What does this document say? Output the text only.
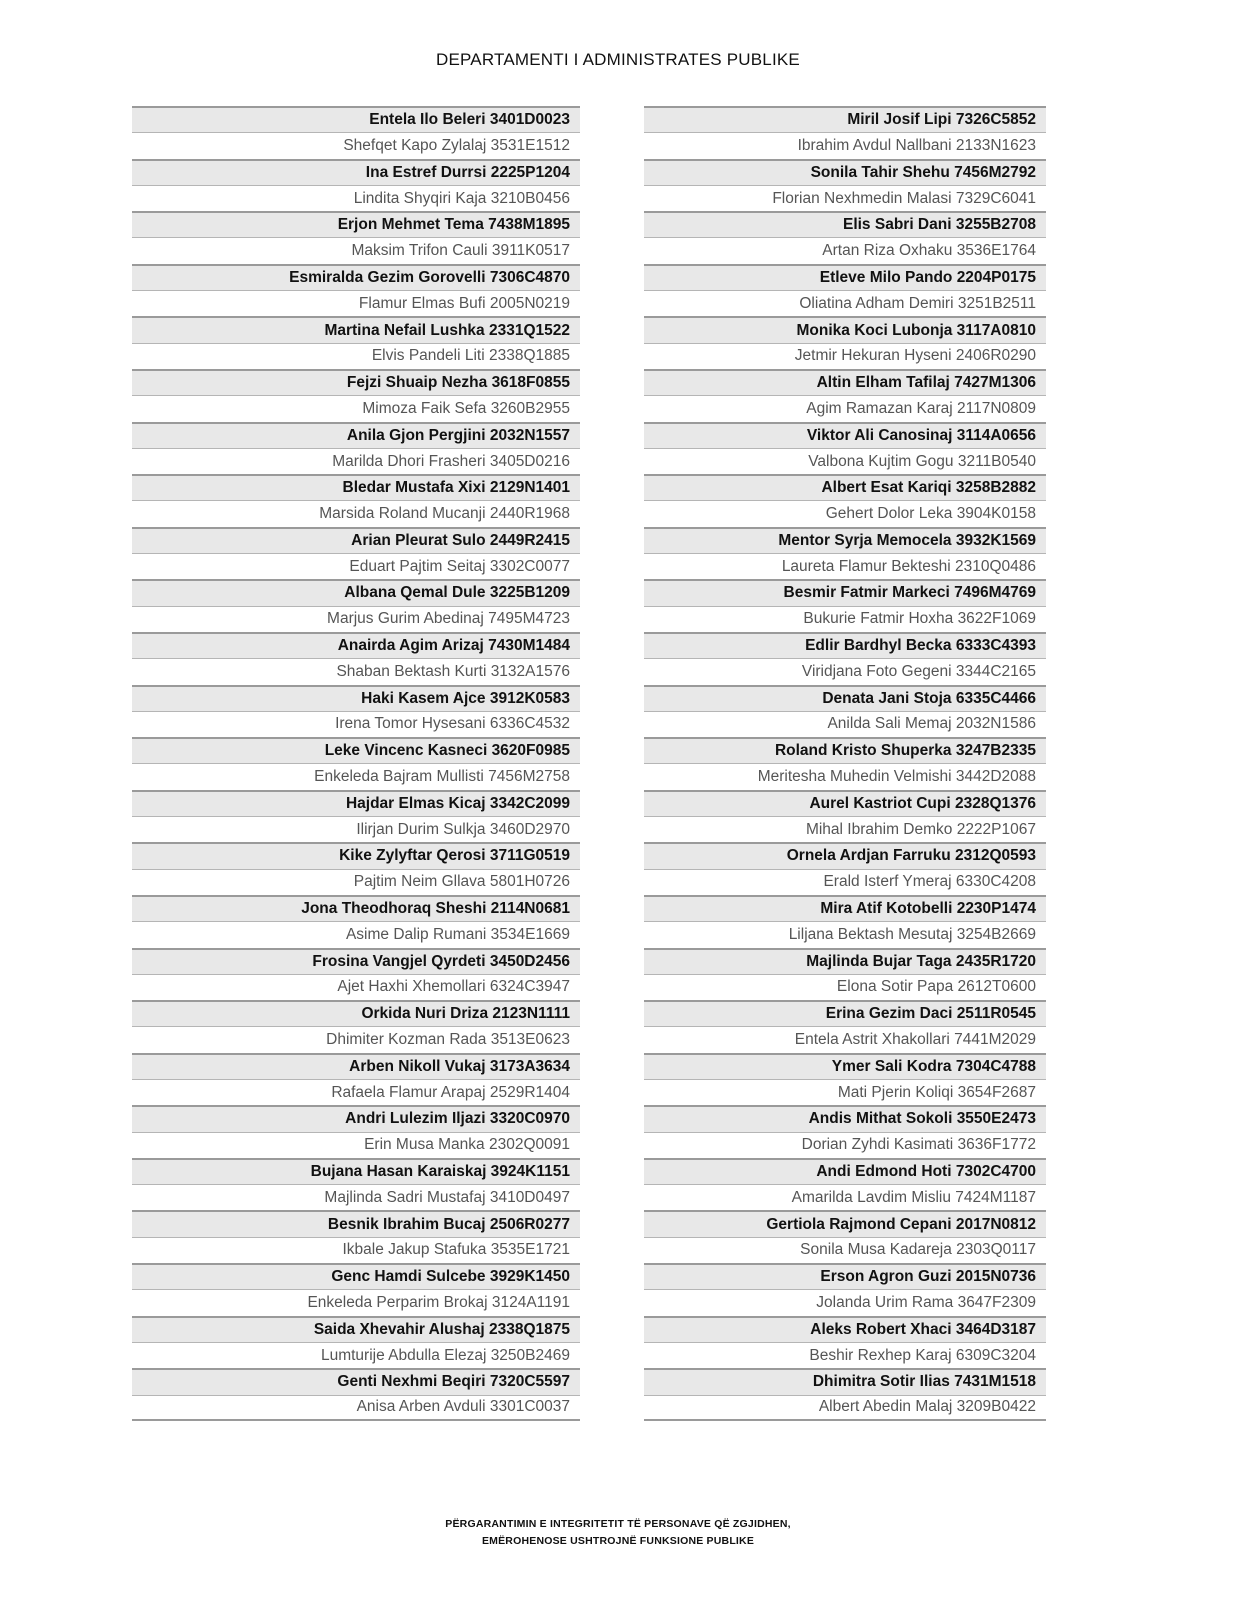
DEPARTAMENTI I ADMINISTRATES PUBLIKE
Entela Ilo Beleri 3401D0023
Shefqet Kapo Zylalaj 3531E1512
Ina Estref Durrsi 2225P1204
Lindita Shyqiri Kaja 3210B0456
Erjon Mehmet Tema 7438M1895
Maksim Trifon Cauli 3911K0517
Esmiralda Gezim Gorovelli 7306C4870
Flamur Elmas Bufi 2005N0219
Martina Nefail Lushka 2331Q1522
Elvis Pandeli Liti 2338Q1885
Fejzi Shuaip Nezha 3618F0855
Mimoza Faik Sefa 3260B2955
Anila Gjon Pergjini 2032N1557
Marilda Dhori Frasheri 3405D0216
Bledar Mustafa Xixi 2129N1401
Marsida Roland Mucanji 2440R1968
Arian Pleurat Sulo 2449R2415
Eduart Pajtim Seitaj 3302C0077
Albana Qemal Dule 3225B1209
Marjus Gurim Abedinaj 7495M4723
Anairda Agim Arizaj 7430M1484
Shaban Bektash Kurti 3132A1576
Haki Kasem Ajce 3912K0583
Irena Tomor Hysesani 6336C4532
Leke Vincenc Kasneci 3620F0985
Enkeleda Bajram Mullisti 7456M2758
Hajdar Elmas Kicaj 3342C2099
Ilirjan Durim Sulkja 3460D2970
Kike Zylyftar Qerosi 3711G0519
Pajtim Neim Gllava 5801H0726
Jona Theodhoraq Sheshi 2114N0681
Asime Dalip Rumani 3534E1669
Frosina Vangjel Qyrdeti 3450D2456
Ajet Haxhi Xhemollari 6324C3947
Orkida Nuri Driza 2123N1111
Dhimiter Kozman Rada 3513E0623
Arben Nikoll Vukaj 3173A3634
Rafaela Flamur Arapaj 2529R1404
Andri Lulezim Iljazi 3320C0970
Erin Musa Manka 2302Q0091
Bujana Hasan Karaiskaj 3924K1151
Majlinda Sadri Mustafaj 3410D0497
Besnik Ibrahim Bucaj 2506R0277
Ikbale Jakup Stafuka 3535E1721
Genc Hamdi Sulcebe 3929K1450
Enkeleda Perparim Brokaj 3124A1191
Saida Xhevahir Alushaj 2338Q1875
Lumturije Abdulla Elezaj 3250B2469
Genti Nexhmi Beqiri 7320C5597
Anisa Arben Avduli 3301C0037
Miril Josif Lipi 7326C5852
Ibrahim Avdul Nallbani 2133N1623
Sonila Tahir Shehu 7456M2792
Florian Nexhmedin Malasi 7329C6041
Elis Sabri Dani 3255B2708
Artan Riza Oxhaku 3536E1764
Etleve Milo Pando 2204P0175
Oliatina Adham Demiri 3251B2511
Monika Koci Lubonja 3117A0810
Jetmir Hekuran Hyseni 2406R0290
Altin Elham Tafilaj 7427M1306
Agim Ramazan Karaj 2117N0809
Viktor Ali Canosinaj 3114A0656
Valbona Kujtim Gogu 3211B0540
Albert Esat Kariqi 3258B2882
Gehert Dolor Leka 3904K0158
Mentor Syrja Memocela 3932K1569
Laureta Flamur Bekteshi 2310Q0486
Besmir Fatmir Markeci 7496M4769
Bukurie Fatmir Hoxha 3622F1069
Edlir Bardhyl Becka 6333C4393
Viridjana Foto Gegeni 3344C2165
Denata Jani Stoja 6335C4466
Anilda Sali Memaj 2032N1586
Roland Kristo Shuperka 3247B2335
Meritesha Muhedin Velmishi 3442D2088
Aurel Kastriot Cupi 2328Q1376
Mihal Ibrahim Demko 2222P1067
Ornela Ardjan Farruku 2312Q0593
Erald Isterf Ymeraj 6330C4208
Mira Atif Kotobelli 2230P1474
Liljana Bektash Mesutaj 3254B2669
Majlinda Bujar Taga 2435R1720
Elona Sotir Papa 2612T0600
Erina Gezim Daci 2511R0545
Entela Astrit Xhakollari 7441M2029
Ymer Sali Kodra 7304C4788
Mati Pjerin Koliqi 3654F2687
Andis Mithat Sokoli 3550E2473
Dorian Zyhdi Kasimati 3636F1772
Andi Edmond Hoti 7302C4700
Amarilda Lavdim Misliu 7424M1187
Gertiola Rajmond Cepani 2017N0812
Sonila Musa Kadareja 2303Q0117
Erson Agron Guzi 2015N0736
Jolanda Urim Rama 3647F2309
Aleks Robert Xhaci 3464D3187
Beshir Rexhep Karaj 6309C3204
Dhimitra Sotir Ilias 7431M1518
Albert Abedin Malaj 3209B0422
PËRGARANTIMIN E INTEGRITETIT TË PERSONAVE QË ZGJIDHEN,
EMËROHENOSE USHTROJNË FUNKSIONE PUBLIKE
